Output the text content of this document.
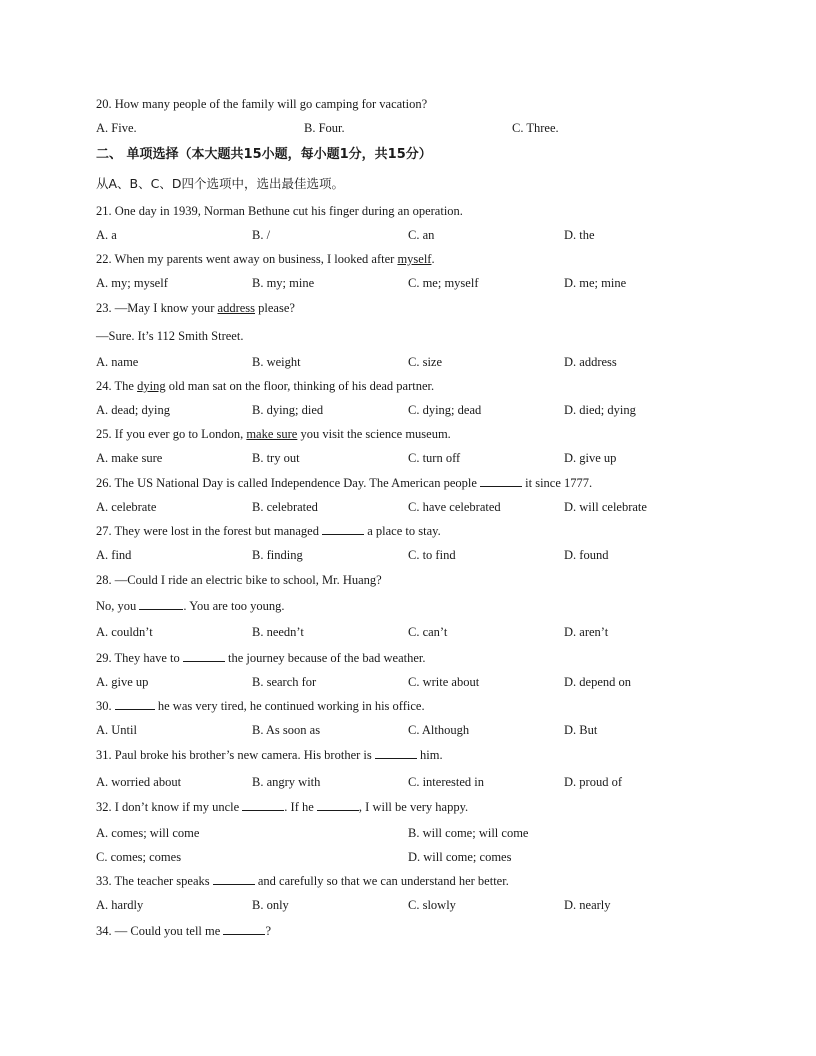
20. How many people of the family will go camping for vacation?
A. Five.	B. Four.	C. Three.
二、 单项选择（本大题共15小题，每小题1分，共15分）
从A、B、C、D四个选项中，选出最佳选项。
21. One day in 1939, Norman Bethune cut his finger during an operation.
A. a	B. /	C. an	D. the
22. When my parents went away on business, I looked after myself.
A. my; myself	B. my; mine	C. me; myself	D. me; mine
23. —May I know your address please?
—Sure. It’s 112 Smith Street.
A. name	B. weight	C. size	D. address
24. The dying old man sat on the floor, thinking of his dead partner.
A. dead; dying	B. dying; died	C. dying; dead	D. died; dying
25. If you ever go to London, make sure you visit the science museum.
A. make sure	B. try out	C. turn off	D. give up
26. The US National Day is called Independence Day. The American people	it since 1777.
A. celebrate	B. celebrated	C. have celebrated	D. will celebrate
27. They were lost in the forest but managed	a place to stay.
A. find	B. finding	C. to find	D. found
28. —Could I ride an electric bike to school, Mr. Huang?
No, you	. You are too young.
A. couldn’t	B. needn’t	C. can’t	D. aren’t
29. They have to	the journey because of the bad weather.
A. give up	B. search for	C. write about	D. depend on
30.	he was very tired, he continued working in his office.
A. Until	B. As soon as	C. Although	D. But
31. Paul broke his brother’s new camera. His brother is	him.
A. worried about	B. angry with	C. interested in	D. proud of
32. I don’t know if my uncle	. If he	, I will be very happy.
A. comes; will come	B. will come; will come
C. comes; comes	D. will come; comes
33. The teacher speaks	and carefully so that we can understand her better.
A. hardly	B. only	C. slowly	D. nearly
34. — Could you tell me	?
